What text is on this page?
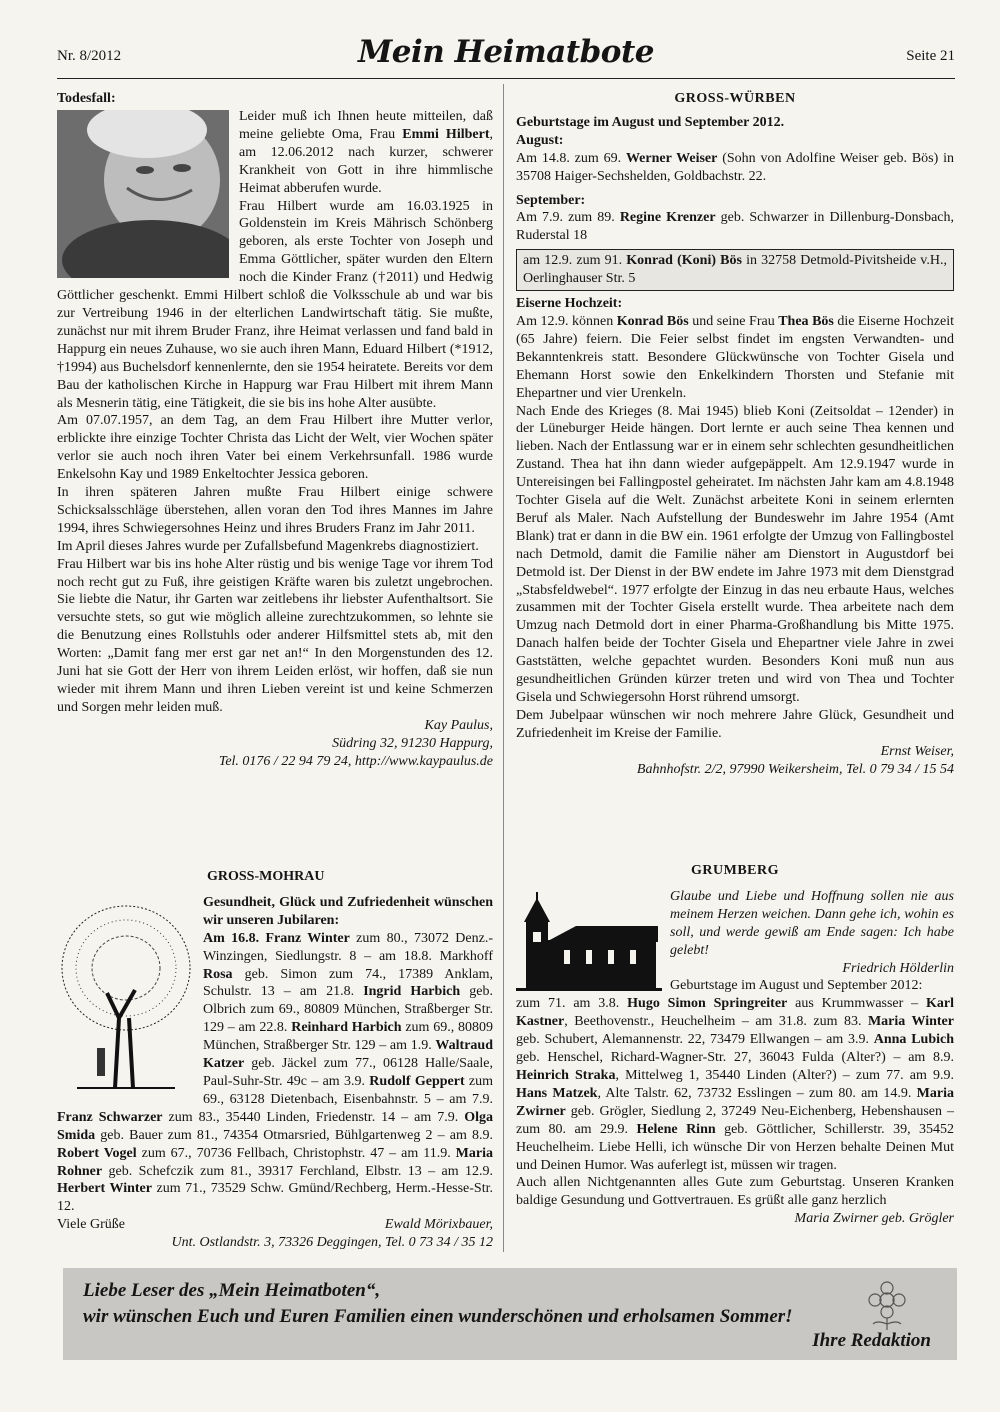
Nr. 8/2012	Mein Heimatbote	Seite 21
Todesfall:

Leider muß ich Ihnen heute mitteilen, daß meine geliebte Oma, Frau Emmi Hilbert, am 12.06.2012 nach kurzer, schwerer Krankheit von Gott in ihre himmlische Heimat abberufen wurde.

Frau Hilbert wurde am 16.03.1925 in Goldenstein im Kreis Mährisch Schönberg geboren, als erste Tochter von Joseph und Emma Göttlicher, später wurden den Eltern noch die Kinder Franz (†2011) und Hedwig Göttlicher geschenkt. Emmi Hilbert schloß die Volksschule ab und war bis zur Vertreibung 1946 in der elterlichen Landwirtschaft tätig. Sie mußte, zunächst nur mit ihrem Bruder Franz, ihre Heimat verlassen und fand bald in Happurg ein neues Zuhause, wo sie auch ihren Mann, Eduard Hilbert (*1912, †1994) aus Buchelsdorf kennenlernte, den sie 1954 heiratete. Bereits vor dem Bau der katholischen Kirche in Happurg war Frau Hilbert mit ihrem Mann als Mesnerin tätig, eine Tätigkeit, die sie bis ins hohe Alter ausübte.

Am 07.07.1957, an dem Tag, an dem Frau Hilbert ihre Mutter verlor, erblickte ihre einzige Tochter Christa das Licht der Welt, vier Wochen später verlor sie auch noch ihren Vater bei einem Verkehrsunfall. 1986 wurde Enkelsohn Kay und 1989 Enkeltochter Jessica geboren.

In ihren späteren Jahren mußte Frau Hilbert einige schwere Schicksalsschläge überstehen, allen voran den Tod ihres Mannes im Jahre 1994, ihres Schwiegersohnes Heinz und ihres Bruders Franz im Jahr 2011.

Im April dieses Jahres wurde per Zufallsbefund Magenkrebs diagnostiziert.

Frau Hilbert war bis ins hohe Alter rüstig und bis wenige Tage vor ihrem Tod noch recht gut zu Fuß, ihre geistigen Kräfte waren bis zuletzt ungebrochen. Sie liebte die Natur, ihr Garten war zeitlebens ihr liebster Aufenthaltsort. Sie versuchte stets, so gut wie möglich alleine zurechtzukommen, so lehnte sie die Benutzung eines Rollstuhls oder anderer Hilfsmittel stets ab, mit den Worten: „Damit fang mer erst gar net an!“ In den Morgenstunden des 12. Juni hat sie Gott der Herr von ihrem Leiden erlöst, wir hoffen, daß sie nun wieder mit ihrem Mann und ihren Lieben vereint ist und keine Schmerzen und Sorgen mehr leiden muß.

Kay Paulus,
Südring 32, 91230 Happurg,
Tel. 0176 / 22 94 79 24, http://www.kaypaulus.de
GROSS-MOHRAU
Gesundheit, Glück und Zufriedenheit wünschen wir unseren Jubilaren:

Am 16.8. Franz Winter zum 80., 73072 Denz.-Winzingen, Siedlungstr. 8 – am 18.8. Markhoff Rosa geb. Simon zum 74., 17389 Anklam, Schulstr. 13 – am 21.8. Ingrid Harbich geb. Olbrich zum 69., 80809 München, Straßberger Str. 129 – am 22.8. Reinhard Harbich zum 69., 80809 München, Straßberger Str. 129 – am 1.9. Waltraud Katzer geb. Jäckel zum 77., 06128 Halle/Saale, Paul-Suhr-Str. 49c – am 3.9. Rudolf Geppert zum 69., 63128 Dietenbach, Eisenbahnstr. 5 – am 7.9. Franz Schwarzer zum 83., 35440 Linden, Friedenstr. 14 – am 7.9. Olga Smida geb. Bauer zum 81., 74354 Otmarsried, Bühlgartenweg 2 – am 8.9. Robert Vogel zum 67., 70736 Fellbach, Christophstr. 47 – am 11.9. Maria Rohner geb. Schefczik zum 81., 39317 Ferchland, Elbstr. 13 – am 12.9. Herbert Winter zum 71., 73529 Schw. Gmünd/Rechberg, Herm.-Hesse-Str. 12.

Viele Grüße	Ewald Mörixbauer,
Unt. Ostlandstr. 3, 73326 Deggingen, Tel. 0 73 34 / 35 12
GROSS-WÜRBEN
Geburtstage im August und September 2012.
August:

Am 14.8. zum 69. Werner Weiser (Sohn von Adolfine Weiser geb. Bös) in 35708 Haiger-Sechshelden, Goldbachstr. 22.

September:

Am 7.9. zum 89. Regine Krenzer geb. Schwarzer in Dillenburg-Donsbach, Ruderstal 18

am 12.9. zum 91. Konrad (Koni) Bös in 32758 Detmold-Pivitsheide v.H., Oerlinghauser Str. 5
Eiserne Hochzeit:

Am 12.9. können Konrad Bös und seine Frau Thea Bös die Eiserne Hochzeit (65 Jahre) feiern. Die Feier selbst findet im engsten Verwandten- und Bekanntenkreis statt. Besondere Glückwünsche von Tochter Gisela und Ehemann Horst sowie den Enkelkindern Thorsten und Stefanie mit Ehepartner und vier Urenkeln.

Nach Ende des Krieges (8. Mai 1945) blieb Koni (Zeitsoldat – 12ender) in der Lüneburger Heide hängen. Dort lernte er auch seine Thea kennen und lieben. Nach der Entlassung war er in einem sehr schlechten gesundheitlichen Zustand. Thea hat ihn dann wieder aufgepäppelt. Am 12.9.1947 wurde in Untereisingen bei Fallingpostel geheiratet. Im nächsten Jahr kam am 4.8.1948 Tochter Gisela auf die Welt. Zunächst arbeitete Koni in seinem erlernten Beruf als Maler. Nach Aufstellung der Bundeswehr im Jahre 1954 (Amt Blank) trat er dann in die BW ein. 1961 erfolgte der Umzug von Fallingbostel nach Detmold, damit die Familie näher am Dienstort in Augustdorf bei Detmold ist. Der Dienst in der BW endete im Jahre 1973 mit dem Dienstgrad „Stabsfeldwebel“. 1977 erfolgte der Einzug in das neu erbaute Haus, welches zusammen mit der Tochter Gisela erstellt wurde. Thea arbeitete nach dem Umzug nach Detmold dort in einer Pharma-Großhandlung bis Mitte 1975. Danach halfen beide der Tochter Gisela und Ehepartner viele Jahre in zwei Gaststätten, welche gepachtet wurden. Besonders Koni muß nun aus gesundheitlichen Gründen kürzer treten und wird von Thea und Tochter Gisela und Schwiegersohn Horst rührend umsorgt.

Dem Jubelpaar wünschen wir noch mehrere Jahre Glück, Gesundheit und Zufriedenheit im Kreise der Familie.

Ernst Weiser,
Bahnhofstr. 2/2, 97990 Weikersheim, Tel. 0 79 34 / 15 54
GRUMBERG
Glaube und Liebe und Hoffnung sollen nie aus meinem Herzen weichen. Dann gehe ich, wohin es soll, und werde gewiß am Ende sagen: Ich habe gelebt!
Friedrich Hölderlin
Geburtstage im August und September 2012:

zum 71. am 3.8. Hugo Simon Springreiter aus Krummwasser – Karl Kastner, Beethovenstr., Heuchelheim – am 31.8. zum 83. Maria Winter geb. Schubert, Alemannenstr. 22, 73479 Ellwangen – am 3.9. Anna Lubich geb. Henschel, Richard-Wagner-Str. 27, 36043 Fulda (Alter?) – am 8.9. Heinrich Straka, Mittelweg 1, 35440 Linden (Alter?) – zum 77. am 9.9. Hans Matzek, Alte Talstr. 62, 73732 Esslingen – zum 80. am 14.9. Maria Zwirner geb. Grögler, Siedlung 2, 37249 Neu-Eichenberg, Hebenshausen – zum 80. am 29.9. Helene Rinn geb. Göttlicher, Schillerstr. 39, 35452 Heuchelheim. Liebe Helli, ich wünsche Dir von Herzen behalte Deinen Mut und Deinen Humor. Was auferlegt ist, müssen wir tragen.

Auch allen Nichtgenannten alles Gute zum Geburtstag. Unseren Kranken baldige Gesundung und Gottvertrauen. Es grüßt alle ganz herzlich

Maria Zwirner geb. Grögler
Liebe Leser des „Mein Heimatboten“,
wir wünschen Euch und Euren Familien einen wunderschönen und erholsamen Sommer!
Ihre Redaktion
